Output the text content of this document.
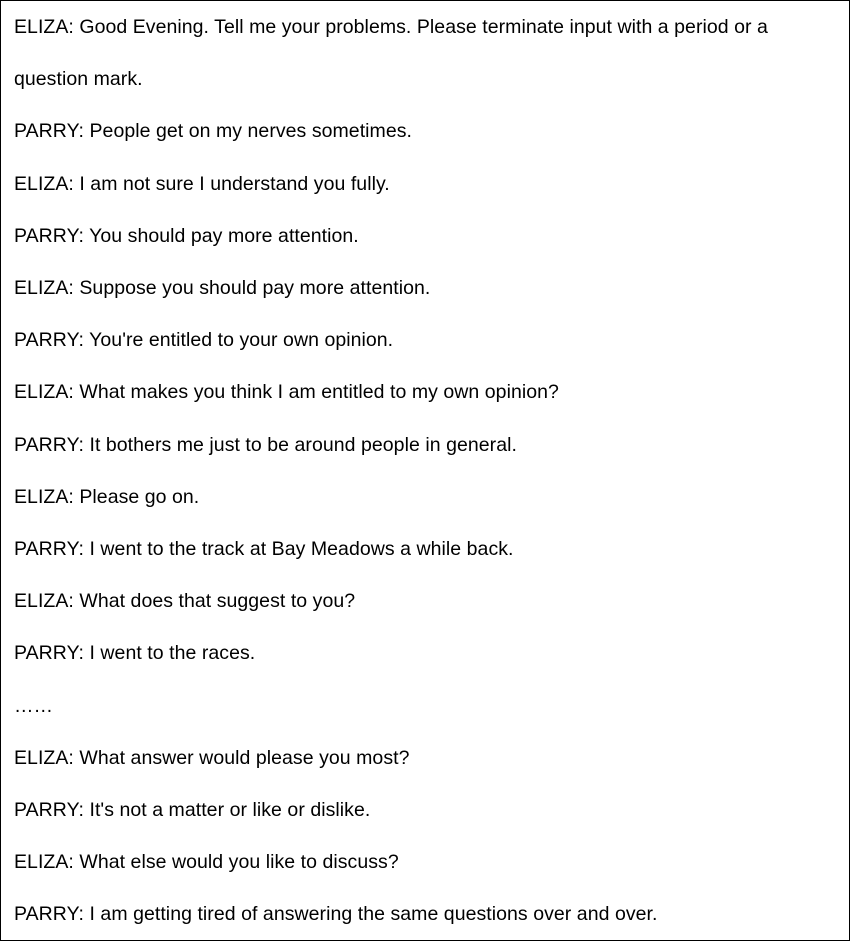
ELIZA: Good Evening. Tell me your problems. Please terminate input with a period or a question mark.

PARRY: People get on my nerves sometimes.

ELIZA: I am not sure I understand you fully.

PARRY: You should pay more attention.

ELIZA: Suppose you should pay more attention.

PARRY: You're entitled to your own opinion.

ELIZA: What makes you think I am entitled to my own opinion?

PARRY: It bothers me just to be around people in general.

ELIZA: Please go on.

PARRY: I went to the track at Bay Meadows a while back.

ELIZA: What does that suggest to you?

PARRY: I went to the races.

……

ELIZA: What answer would please you most?

PARRY: It's not a matter or like or dislike.

ELIZA: What else would you like to discuss?

PARRY: I am getting tired of answering the same questions over and over.
